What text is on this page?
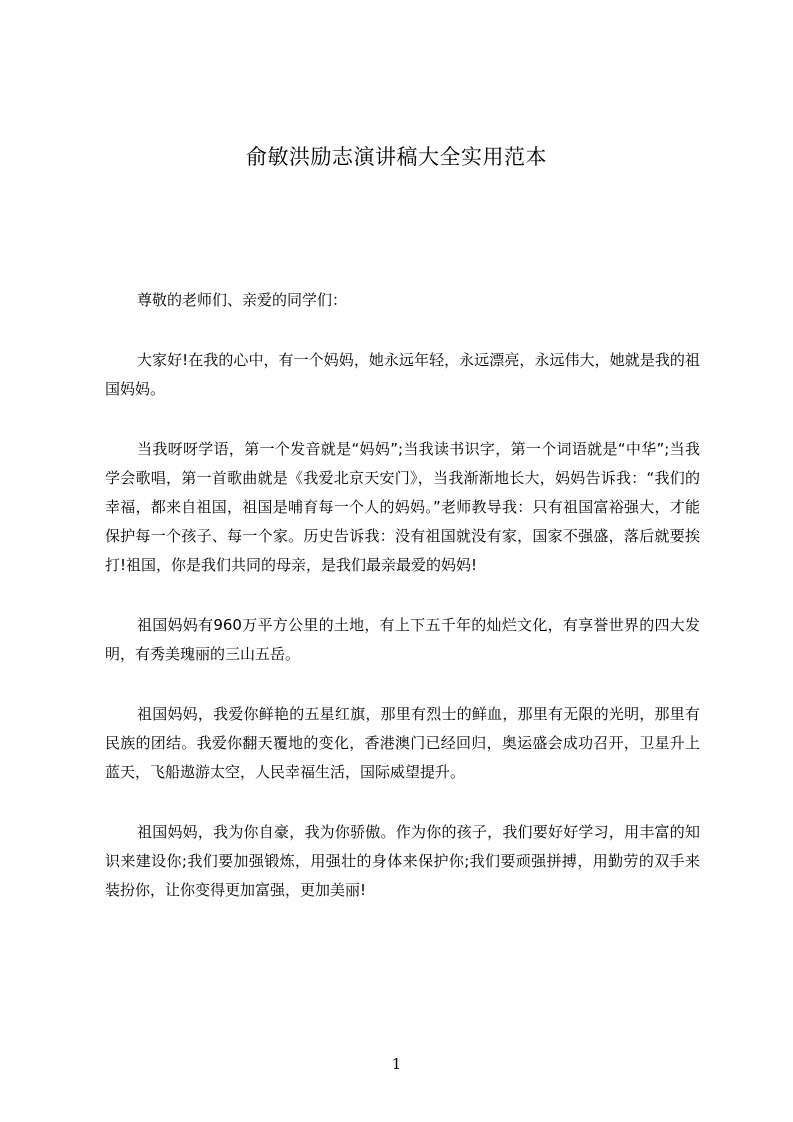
俞敏洪励志演讲稿大全实用范本

尊敬的老师们、亲爱的同学们：

大家好!在我的心中，有一个妈妈，她永远年轻，永远漂亮，永远伟大，她就是我的祖国妈妈。

当我呀呀学语，第一个发音就是“妈妈”;当我读书识字，第一个词语就是“中华”;当我学会歌唱，第一首歌曲就是《我爱北京天安门》，当我渐渐地长大，妈妈告诉我：“我们的幸福，都来自祖国，祖国是哺育每一个人的妈妈。”老师教导我：只有祖国富裕强大，才能保护每一个孩子、每一个家。历史告诉我：没有祖国就没有家，国家不强盛，落后就要挨打!祖国，你是我们共同的母亲，是我们最亲最爱的妈妈!

祖国妈妈有960万平方公里的土地，有上下五千年的灿烂文化，有享誉世界的四大发明，有秀美瑰丽的三山五岳。

祖国妈妈，我爱你鲜艳的五星红旗，那里有烈士的鲜血，那里有无限的光明，那里有民族的团结。我爱你翻天覆地的变化，香港澳门已经回归，奥运盛会成功召开，卫星升上蓝天，飞船遨游太空，人民幸福生活，国际威望提升。

祖国妈妈，我为你自豪，我为你骄傲。作为你的孩子，我们要好好学习，用丰富的知识来建设你;我们要加强锻炼，用强壮的身体来保护你;我们要顽强拼搏，用勤劳的双手来装扮你，让你变得更加富强，更加美丽!

1
